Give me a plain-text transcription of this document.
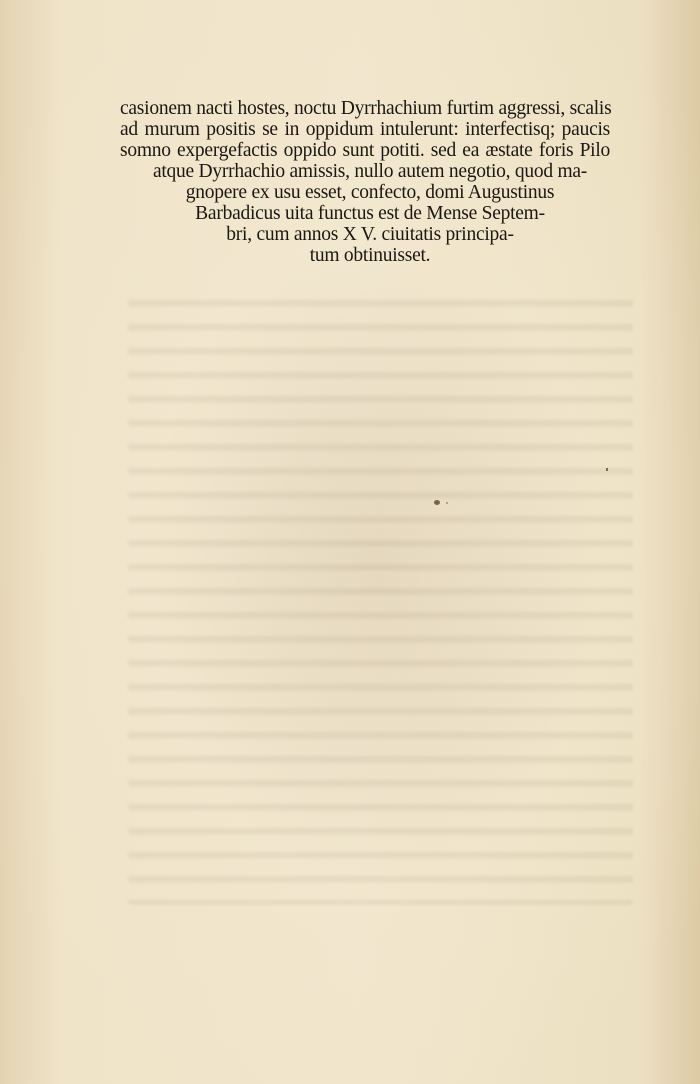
casionem nacti hostes, noctu Dyrrhachium furtim aggressi, scalis
ad murum positis se in oppidum intulerunt: interfectisq; paucis
somno expergefactis oppido sunt potiti. sed ea æstate foris Pilo
atque Dyrrhachio amissis, nullo autem negotio, quod ma-
gnopere ex usu esset, confecto, domi Augustinus
Barbadicus uita functus est de Mense Septem-
bri, cum annos X V. ciuitatis principa-
tum obtinuisset.
